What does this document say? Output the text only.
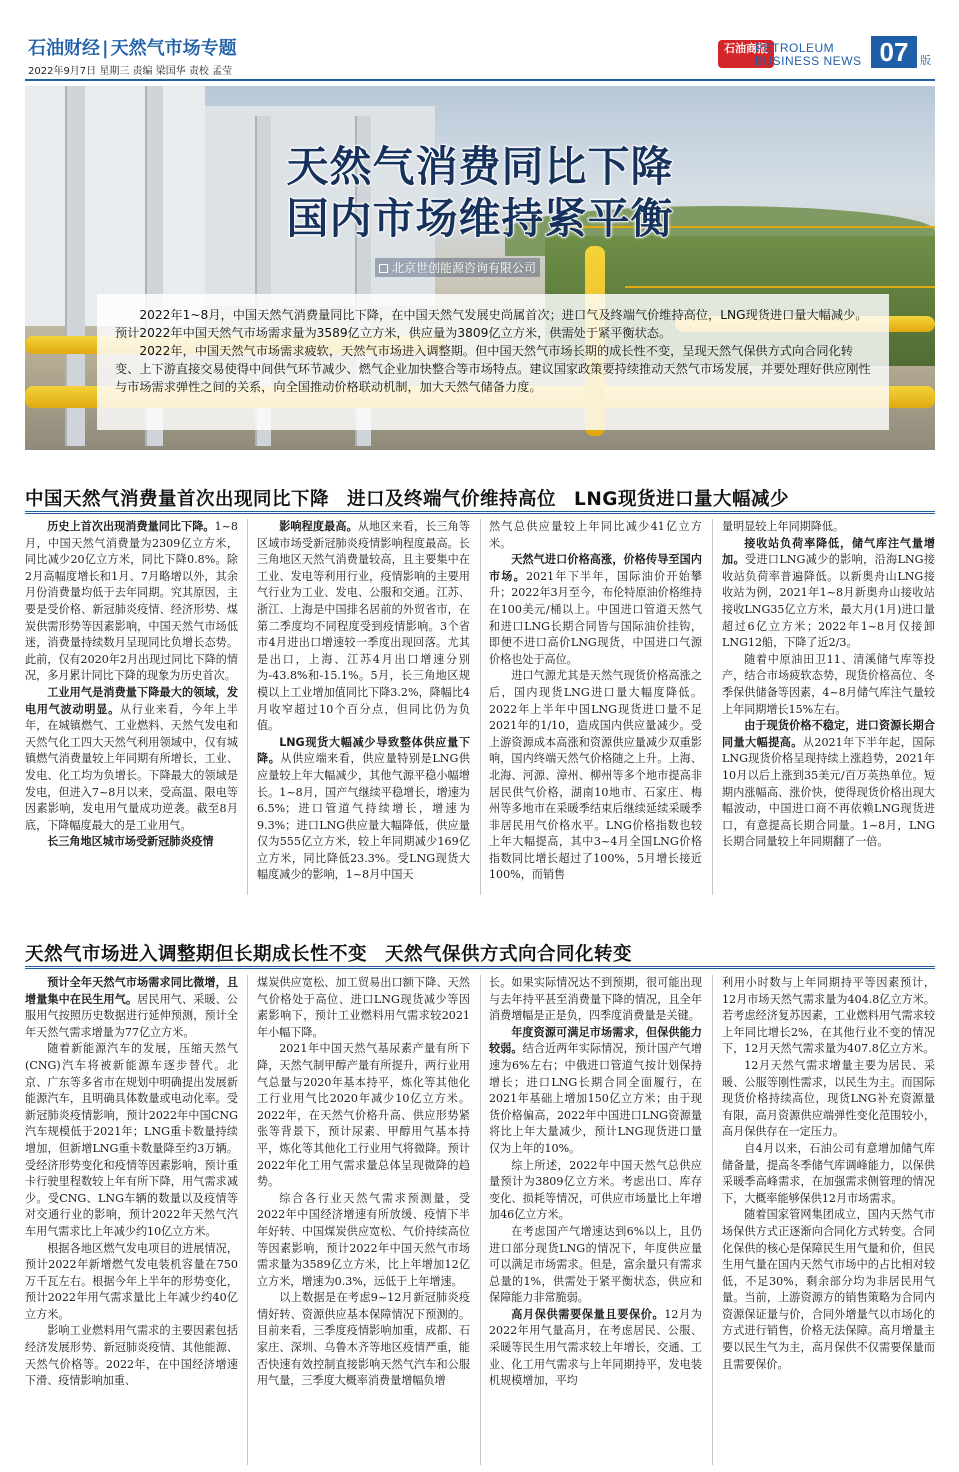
石油财经 | 天然气市场专题
2022年9月7日 星期三 责编 梁国华 责校 孟莹
石油商报
PETROLEUM
BUSINESS NEWS 07	版
天然气消费同比下降
国内市场维持紧平衡
北京世创能源咨询有限公司

2022年1~8月，中国天然气消费量同比下降，在中国天然气发展史尚属首次；进口气及终端气价维持高位，LNG现货进口量大幅减少。预计2022年中国天然气市场需求量为3589亿立方米，供应量为3809亿立方米，供需处于紧平衡状态。

2022年，中国天然气市场需求疲软，天然气市场进入调整期。但中国天然气市场长期的成长性不变，呈现天然气保供方式向合同化转变、上下游直接交易使得中间供气环节减少、燃气企业加快整合等市场特点。建议国家政策要持续推动天然气市场发展，并要处理好供应刚性与市场需求弹性之间的关系，向全国推动价格联动机制，加大天然气储备力度。

中国天然气消费量首次出现同比下降 进口及终端气价维持高位 LNG现货进口量大幅减少

历史上首次出现消费量同比下降。1~8月，中国天然气消费量为2309亿立方米，同比减少20亿立方米，同比下降0.8%。除2月高幅度增长和1月、7月略增以外，其余月份消费量均低于去年同期。究其原因，主要是受价格、新冠肺炎疫情、经济形势、煤炭供需形势等因素影响，中国天然气市场低迷，消费量持续数月呈现同比负增长态势。此前，仅有2020年2月出现过同比下降的情况，多月累计同比下降的现象为历史首次。

工业用气是消费量下降最大的领域，发电用气波动明显。从行业来看，今年上半年，在城镇燃气、工业燃料、天然气发电和天然气化工四大天然气利用领域中，仅有城镇燃气消费量较上年同期有所增长，工业、发电、化工均为负增长。下降最大的领域是发电，但进入7~8月以来，受高温、限电等因素影响，发电用气量成功逆袭。截至8月底，下降幅度最大的是工业用气。

长三角地区城市场受新冠肺炎疫情

影响程度最高。从地区来看，长三角等区域市场受新冠肺炎疫情影响程度最高。长三角地区天然气消费量较高，且主要集中在工业、发电等利用行业，疫情影响的主要用气行业为工业、发电、公服和交通。江苏、浙江、上海是中国排名居前的外贸省市，在第二季度均不同程度受到疫情影响。3个省市4月进出口增速较一季度出现回落。尤其是出口，上海、江苏4月出口增速分别为-43.8%和-15.1%。5月，长三角地区规模以上工业增加值同比下降3.2%，降幅比4月收窄超过10个百分点，但同比仍为负值。

LNG现货大幅减少导致整体供应量下降。从供应端来看，供应量特别是LNG供应量较上年大幅减少，其他气源平稳小幅增长。1~8月，国产气继续平稳增长，增速为6.5%；进口管道气持续增长，增速为9.3%；进口LNG供应量大幅降低，供应量仅为555亿立方米，较上年同期减少169亿立方米，同比降低23.3%。受LNG现货大幅度减少的影响，1~8月中国天

然气总供应量较上年同比减少41亿立方米。

天然气进口价格高涨，价格传导至国内市场。2021年下半年，国际油价开始攀升；2022年3月至今，布伦特原油价格维持在100美元/桶以上。中国进口管道天然气和进口LNG长期合同皆与国际油价挂钩，即便不进口高价LNG现货，中国进口气源价格也处于高位。

进口气源尤其是天然气现货价格高涨之后，国内现货LNG进口量大幅度降低。2022年上半年中国LNG现货进口量不足2021年的1/10，造成国内供应量减少。受上游资源成本高涨和资源供应量减少双重影响，国内终端天然气价格随之上升。上海、北海、河源、漳州、柳州等多个地市提高非居民供气价格，湖南10地市、石家庄、梅州等多地市在采暖季结束后继续延续采暖季非居民用气价格水平。LNG价格指数也较上年大幅提高，其中3~4月全国LNG价格指数同比增长超过了100%，5月增长接近100%，而销售

量明显较上年同期降低。

接收站负荷率降低，储气库注气量增加。受进口LNG减少的影响，沿海LNG接收站负荷率普遍降低。以新奥舟山LNG接收站为例，2021年1~8月新奥舟山接收站接收LNG35亿立方米，最大月(1月)进口量超过6亿立方米；2022年1~8月仅接卸LNG12船，下降了近2/3。

随着中原油田卫11、清溪储气库等投产，结合市场疲软态势，现货价格高位、冬季保供储备等因素，4~8月储气库注气量较上年同期增长15%左右。

由于现货价格不稳定，进口资源长期合同量大幅提高。从2021年下半年起，国际LNG现货价格呈现持续上涨趋势，2021年10月以后上涨到35美元/百万英热单位。短期内涨幅高、涨价快，使得现货价格出现大幅波动，中国进口商不再依赖LNG现货进口，有意提高长期合同量。1~8月，LNG长期合同量较上年同期翻了一倍。

天然气市场进入调整期但长期成长性不变 天然气保供方式向合同化转变

预计全年天然气市场需求同比微增，且增量集中在民生用气。居民用气、采暖、公服用气按照历史数据进行延伸预测，预计全年天然气需求增量为77亿立方米。

随着新能源汽车的发展，压缩天然气(CNG)汽车将被新能源车逐步替代。北京、广东等多省市在规划中明确提出发展新能源汽车，且明确具体数量或电动化率。受新冠肺炎疫情影响，预计2022年中国CNG汽车规模低于2021年；LNG重卡数量持续增加，但新增LNG重卡数量降至约3万辆。受经济形势变化和疫情等因素影响，预计重卡行驶里程数较上年有所下降，用气需求减少。受CNG、LNG车辆的数量以及疫情等对交通行业的影响，预计2022年天然气汽车用气需求比上年减少约10亿立方米。

根据各地区燃气发电项目的进展情况，预计2022年新增燃气发电装机容量在750万千瓦左右。根据今年上半年的形势变化，预计2022年用气需求量比上年减少约40亿立方米。

影响工业燃料用气需求的主要因素包括经济发展形势、新冠肺炎疫情、其他能源、天然气价格等。2022年，在中国经济增速下滑、疫情影响加重、

煤炭供应宽松、加工贸易出口额下降、天然气价格处于高位、进口LNG现货减少等因素影响下，预计工业燃料用气需求较2021年小幅下降。

2021年中国天然气基尿素产量有所下降，天然气制甲醇产量有所提升，两行业用气总量与2020年基本持平，炼化等其他化工行业用气比2020年减少10亿立方米。2022年，在天然气价格升高、供应形势紧张等背景下，预计尿素、甲醇用气基本持平，炼化等其他化工行业用气将微降。预计2022年化工用气需求量总体呈现微降的趋势。

综合各行业天然气需求预测量，受2022年中国经济增速有所放缓、疫情下半年好转、中国煤炭供应宽松、气价持续高位等因素影响，预计2022年中国天然气市场需求量为3589亿立方米，比上年增加12亿立方米，增速为0.3%，远低于上年增速。

以上数据是在考虑9~12月新冠肺炎疫情好转、资源供应基本保障情况下预测的。目前来看，三季度疫情影响加重，成都、石家庄、深圳、乌鲁木齐等地区疫情严重，能否快速有效控制直接影响天然气汽车和公服用气量，三季度大概率消费量增幅负增

长。如果实际情况达不到预期，很可能出现与去年持平甚至消费量下降的情况，且全年消费增幅是正是负，四季度消费量是关键。

年度资源可满足市场需求，但保供能力较弱。结合近两年实际情况，预计国产气增速为6%左右；中俄进口管道气按计划保持增长；进口LNG长期合同全面履行，在2021年基础上增加150亿立方米；由于现货价格偏高，2022年中国进口LNG资源量将比上年大量减少，预计LNG现货进口量仅为上年的10%。

综上所述，2022年中国天然气总供应量预计为3809亿立方米。考虑出口、库存变化、损耗等情况，可供应市场量比上年增加46亿立方米。

在考虑国产气增速达到6%以上，且仍进口部分现货LNG的情况下，年度供应量可以满足市场需求。但是，富余量只有需求总量的1%，供需处于紧平衡状态，供应和保障能力非常脆弱。

高月保供需要保量且要保价。12月为2022年用气量高月，在考虑居民、公服、采暖等民生用气需求较上年增长，交通、工业、化工用气需求与上年同期持平，发电装机规模增加，平均

利用小时数与上年同期持平等因素预计，12月市场天然气需求量为404.8亿立方米。若考虑经济复苏因素，工业燃料用气需求较上年同比增长2%，在其他行业不变的情况下，12月天然气需求量为407.8亿立方米。

12月天然气需求增量主要为居民、采暖、公服等刚性需求，以民生为主。而国际现货价格持续高位，现货LNG补充资源量有限，高月资源供应端弹性变化范围较小，高月保供存在一定压力。

自4月以来，石油公司有意增加储气库储备量，提高冬季储气库调峰能力，以保供采暖季高峰需求，在加强需求侧管理的情况下，大概率能够保供12月市场需求。

随着国家管网集团成立，国内天然气市场保供方式正逐渐向合同化方式转变。合同化保供的核心是保障民生用气量和价，但民生用气量在国内天然气市场中的占比相对较低，不足30%，剩余部分均为非居民用气量。当前，上游资源方的销售策略为合同内资源保证量与价，合同外增量气以市场化的方式进行销售，价格无法保障。高月增量主要以民生气为主，高月保供不仅需要保量而且需要保价。
